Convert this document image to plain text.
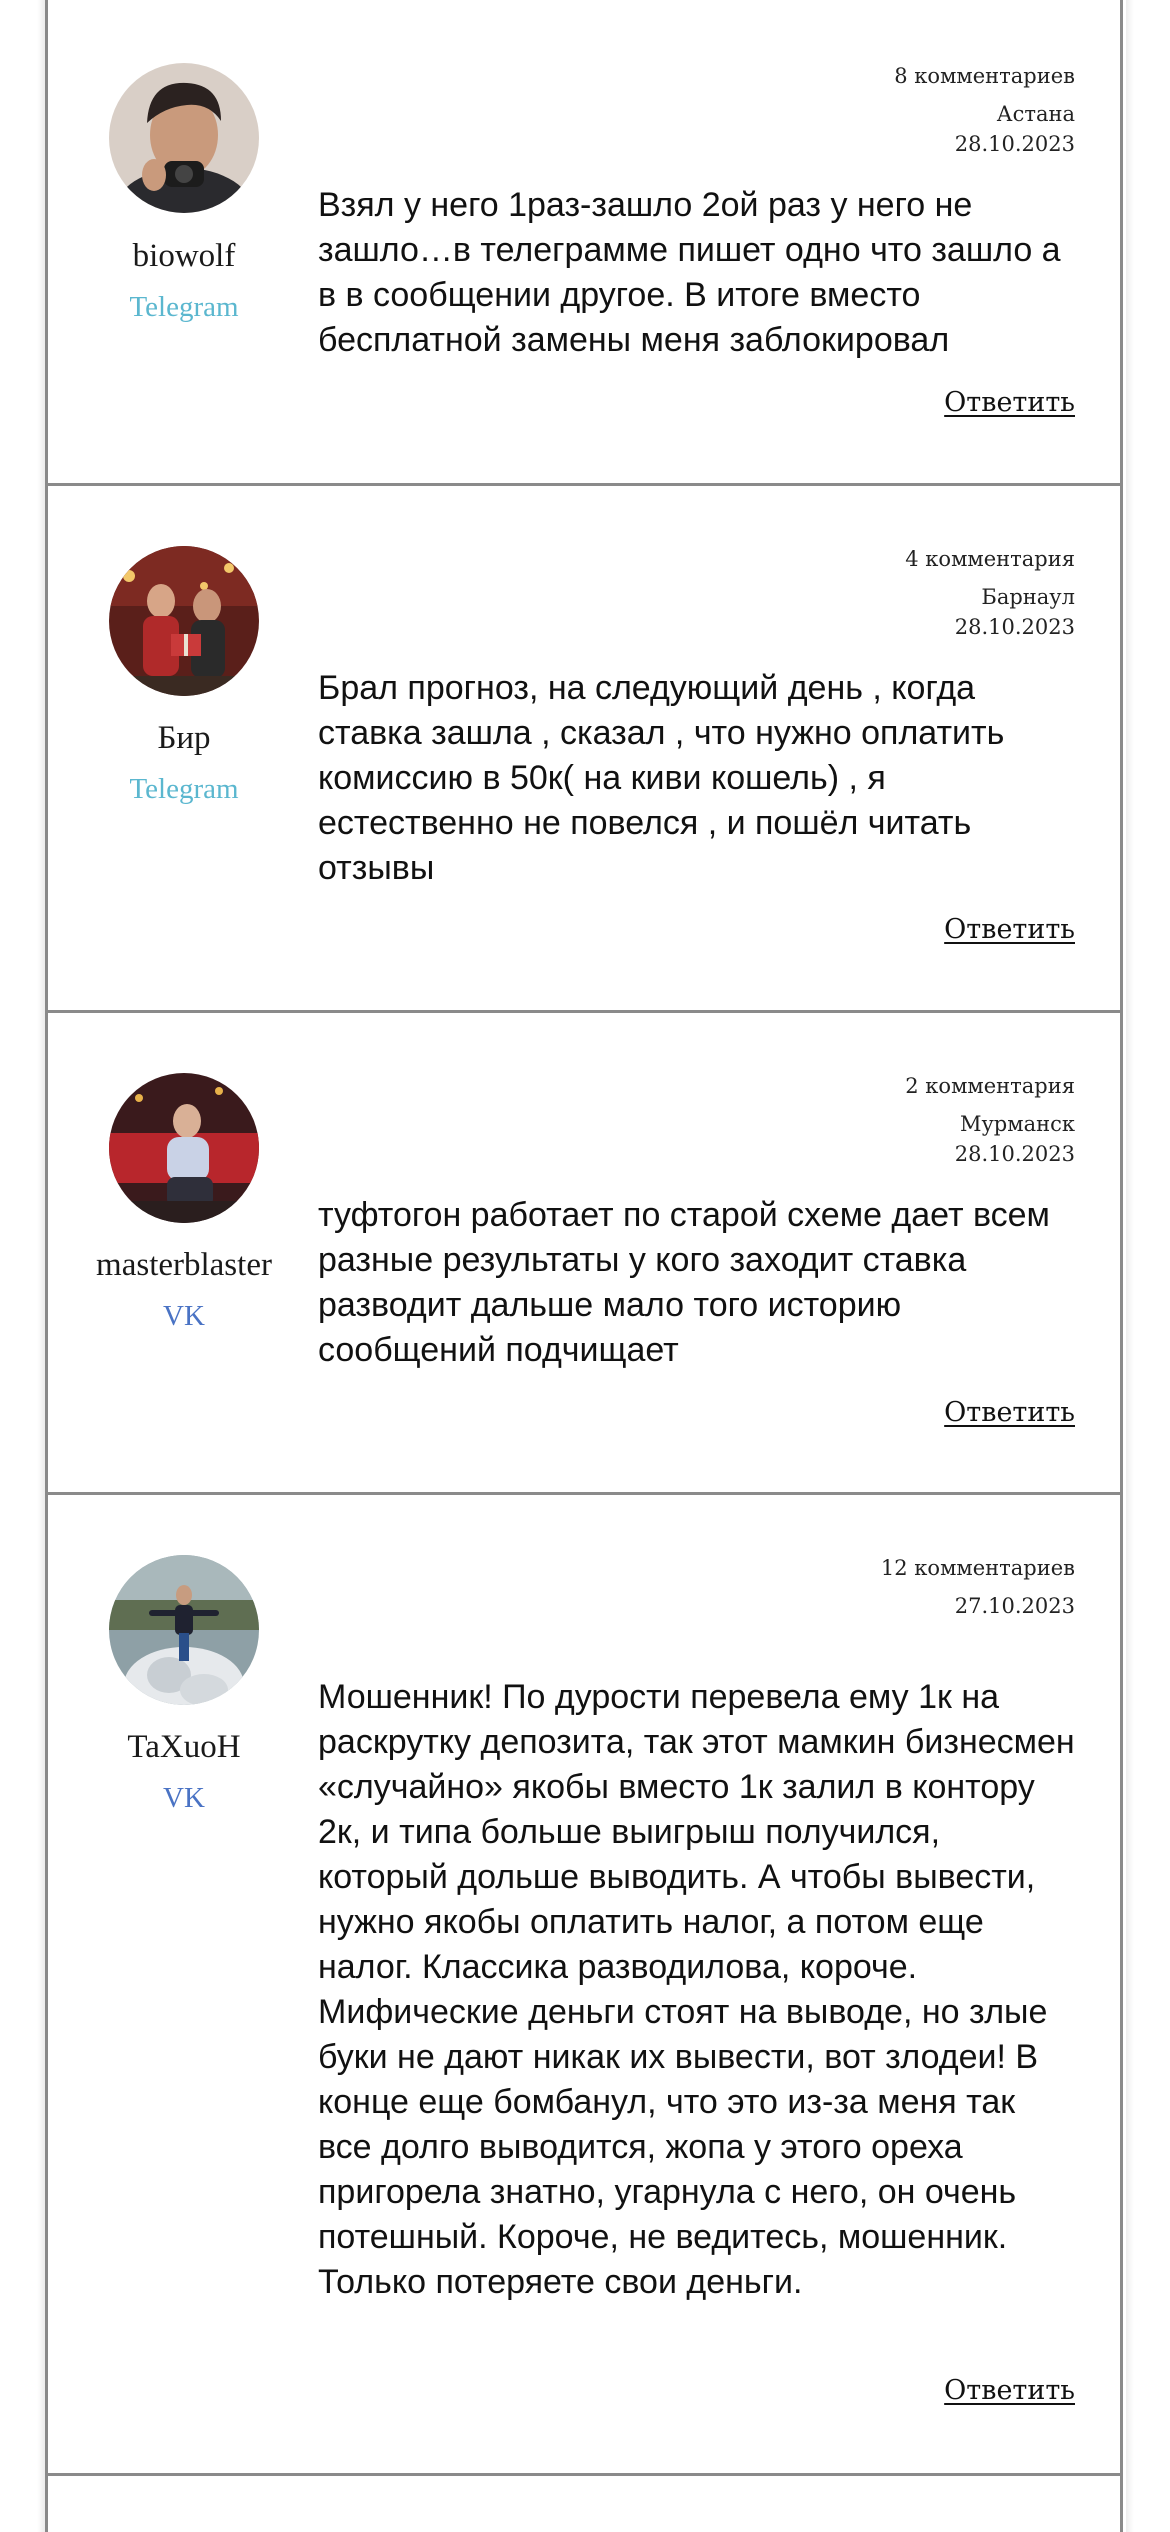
biowolf
Telegram
8 комментариев
Астана
28.10.2023
Взял у него 1раз-зашло 2ой раз у него не зашло…в телеграмме пишет одно что зашло а в в сообщении другое. В итоге вместо бесплатной замены меня заблокировал
Ответить
Бир
Telegram
4 комментария
Барнаул
28.10.2023
Брал прогноз, на следующий день , когда ставка зашла , сказал , что нужно оплатить комиссию в 50к( на киви кошель) , я естественно не повелся , и пошёл читать отзывы
Ответить
masterblaster
VK
2 комментария
Мурманск
28.10.2023
туфтогон работает по старой схеме дает всем разные результаты у кого заходит ставка разводит дальше мало того историю сообщений подчищает
Ответить
TaXuoH
VK
12 комментариев
27.10.2023
Мошенник! По дурости перевела ему 1к на раскрутку депозита, так этот мамкин бизнесмен «случайно» якобы вместо 1к залил в контору 2к, и типа больше выигрыш получился, который дольше выводить. А чтобы вывести, нужно якобы оплатить налог, а потом еще налог. Классика разводилова, короче. Мифические деньги стоят на выводе, но злые буки не дают никак их вывести, вот злодеи! В конце еще бомбанул, что это из-за меня так все долго выводится, жопа у этого ореха пригорела знатно, угарнула с него, он очень потешный. Короче, не ведитесь, мошенник. Только потеряете свои деньги.
Ответить
